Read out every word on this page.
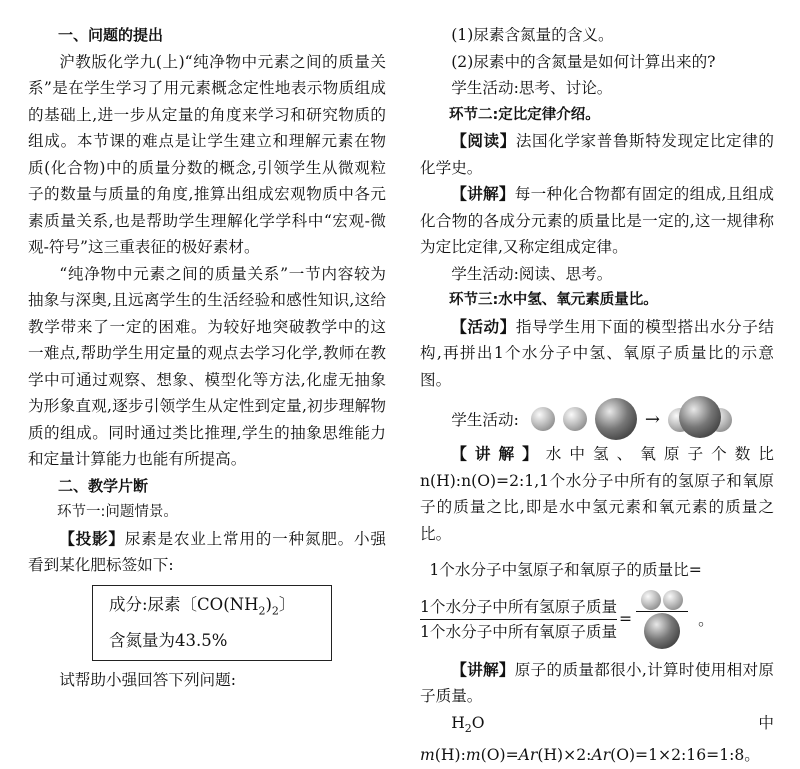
一、问题的提出

沪教版化学九(上)“纯净物中元素之间的质量关系”是在学生学习了用元素概念定性地表示物质组成的基础上,进一步从定量的角度来学习和研究物质的组成。本节课的难点是让学生建立和理解元素在物质(化合物)中的质量分数的概念,引领学生从微观粒子的数量与质量的角度,推算出组成宏观物质中各元素质量关系,也是帮助学生理解化学学科中“宏观-微观-符号”这三重表征的极好素材。

“纯净物中元素之间的质量关系”一节内容较为抽象与深奥,且远离学生的生活经验和感性知识,这给教学带来了一定的困难。为较好地突破教学中的这一难点,帮助学生用定量的观点去学习化学,教师在教学中可通过观察、想象、模型化等方法,化虚无抽象为形象直观,逐步引领学生从定性到定量,初步理解物质的组成。同时通过类比推理,学生的抽象思维能力和定量计算能力也能有所提高。

二、教学片断

环节一:问题情景。

【投影】尿素是农业上常用的一种氮肥。小强看到某化肥标签如下:

成分:尿素〔$CO(NH_2)_2$〕
含氮量为43.5%

试帮助小强回答下列问题:

(1)尿素含氮量的含义。

(2)尿素中的含氮量是如何计算出来的?

学生活动:思考、讨论。

环节二:定比定律介绍。

【阅读】法国化学家普鲁斯特发现定比定律的化学史。

【讲解】每一种化合物都有固定的组成,且组成化合物的各成分元素的质量比是一定的,这一规律称为定比定律,又称定组成定律。

学生活动:阅读、思考。

环节三:水中氢、氧元素质量比。

【活动】指导学生用下面的模型搭出水分子结构,再拼出1个水分子中氢、氧原子质量比的示意图。

学生活动:	→

【讲解】水中氢、氧原子个数比n(H):n(O)=2:1,1个水分子中所有的氢原子和氧原子的质量之比,即是水中氢元素和氧元素的质量之比。

1个水分子中氢原子和氧原子的质量比=

$\frac{\text{1个水分子中所有氢原子质量}}{\text{1个水分子中所有氧原子质量}}$ =	。

【讲解】原子的质量都很小,计算时使用相对原子质量。

$H_2O$中m(H):m(O)=Ar(H)×2:Ar(O)=1×2:16=1:8。
